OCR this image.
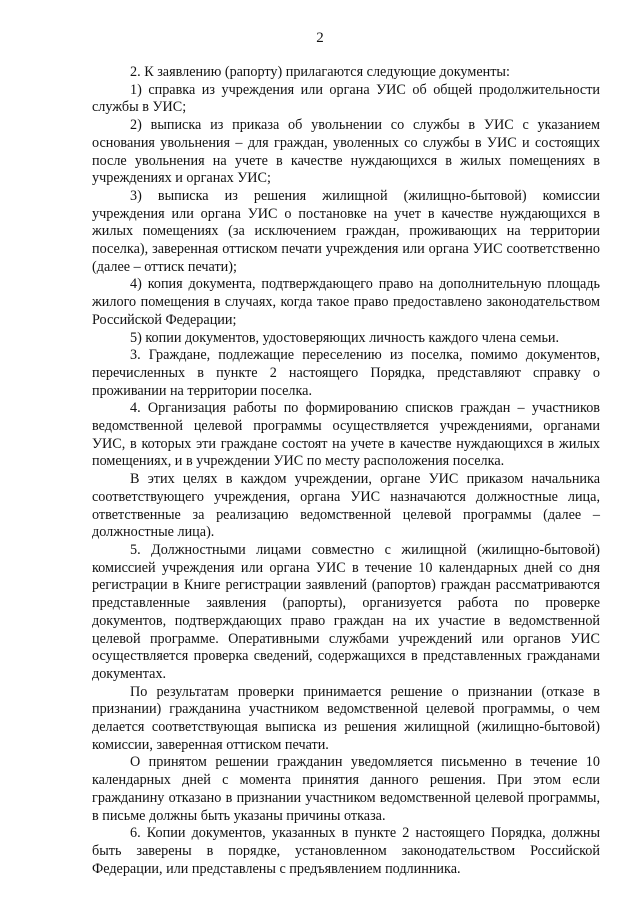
2

2. К заявлению (рапорту) прилагаются следующие документы:

1) справка из учреждения или органа УИС об общей продолжительности службы в УИС;

2) выписка из приказа об увольнении со службы в УИС с указанием основания увольнения – для граждан, уволенных со службы в УИС и состоящих после увольнения на учете в качестве нуждающихся в жилых помещениях в учреждениях и органах УИС;

3) выписка из решения жилищной (жилищно-бытовой) комиссии учреждения или органа УИС о постановке на учет в качестве нуждающихся в жилых помещениях (за исключением граждан, проживающих на территории поселка), заверенная оттиском печати учреждения или органа УИС соответственно (далее – оттиск печати);

4) копия документа, подтверждающего право на дополнительную площадь жилого помещения в случаях, когда такое право предоставлено законодательством Российской Федерации;

5) копии документов, удостоверяющих личность каждого члена семьи.

3. Граждане, подлежащие переселению из поселка, помимо документов, перечисленных в пункте 2 настоящего Порядка, представляют справку о проживании на территории поселка.

4. Организация работы по формированию списков граждан – участников ведомственной целевой программы осуществляется учреждениями, органами УИС, в которых эти граждане состоят на учете в качестве нуждающихся в жилых помещениях, и в учреждении УИС по месту расположения поселка.

В этих целях в каждом учреждении, органе УИС приказом начальника соответствующего учреждения, органа УИС назначаются должностные лица, ответственные за реализацию ведомственной целевой программы (далее – должностные лица).

5. Должностными лицами совместно с жилищной (жилищно-бытовой) комиссией учреждения или органа УИС в течение 10 календарных дней со дня регистрации в Книге регистрации заявлений (рапортов) граждан рассматриваются представленные заявления (рапорты), организуется работа по проверке документов, подтверждающих право граждан на их участие в ведомственной целевой программе. Оперативными службами учреждений или органов УИС осуществляется проверка сведений, содержащихся в представленных гражданами документах.

По результатам проверки принимается решение о признании (отказе в признании) гражданина участником ведомственной целевой программы, о чем делается соответствующая выписка из решения жилищной (жилищно-бытовой) комиссии, заверенная оттиском печати.

О принятом решении гражданин уведомляется письменно в течение 10 календарных дней с момента принятия данного решения. При этом если гражданину отказано в признании участником ведомственной целевой программы, в письме должны быть указаны причины отказа.

6. Копии документов, указанных в пункте 2 настоящего Порядка, должны быть заверены в порядке, установленном законодательством Российской Федерации, или представлены с предъявлением подлинника.
